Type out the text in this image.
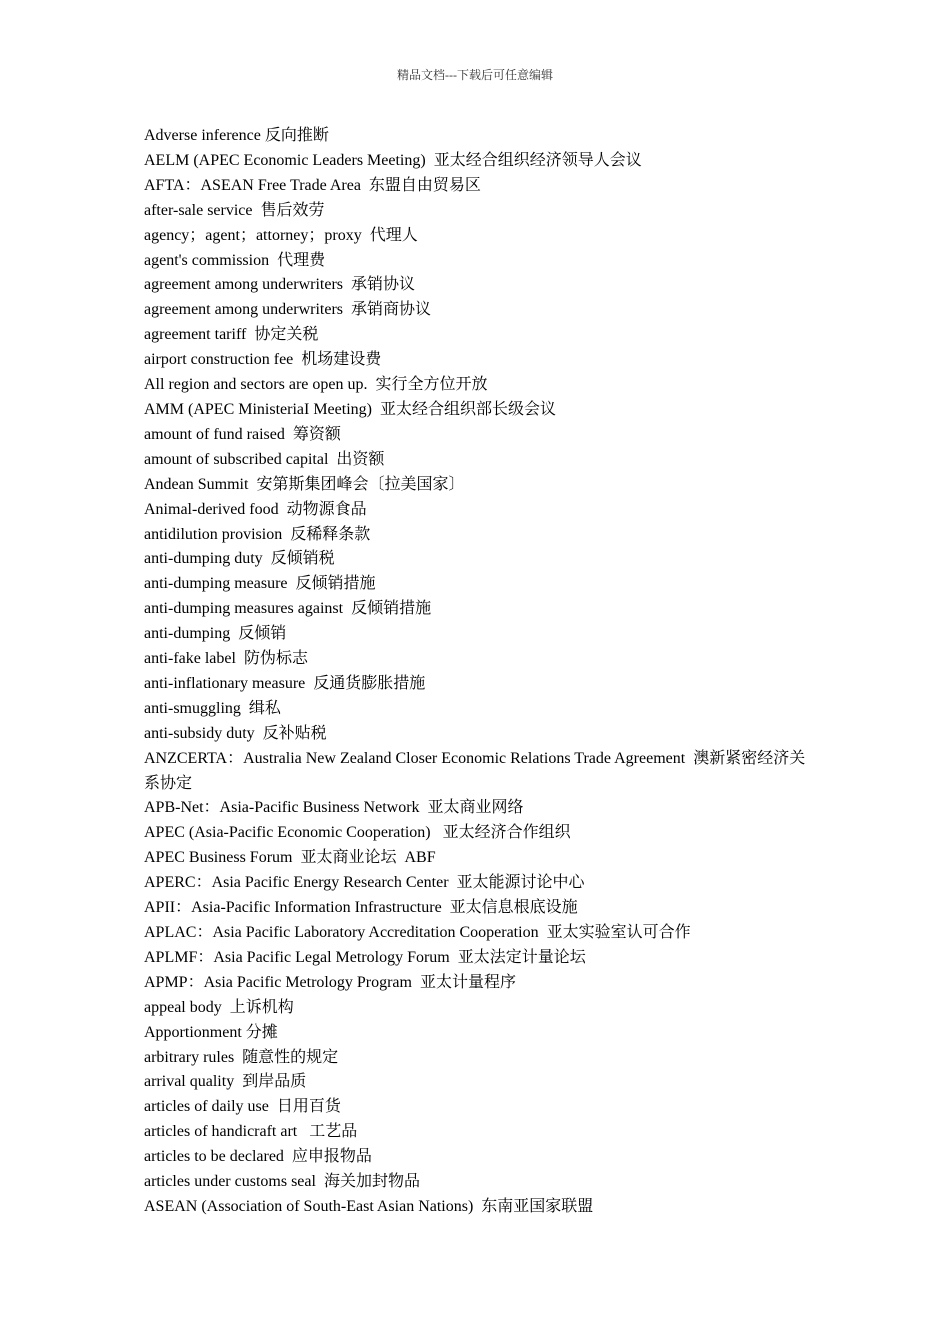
精品文档---下载后可任意编辑
Adverse inference 反向推断
AELM (APEC Economic Leaders Meeting)  亚太经合组织经济领导人会议
AFTA：ASEAN Free Trade Area  东盟自由贸易区
after-sale service  售后效劳
agency；agent；attorney；proxy  代理人
agent's commission  代理费
agreement among underwriters  承销协议
agreement among underwriters  承销商协议
agreement tariff  协定关税
airport construction fee  机场建设费
All region and sectors are open up.  实行全方位开放
AMM (APEC MinisteriaI Meeting)  亚太经合组织部长级会议
amount of fund raised  筹资额
amount of subscribed capital  出资额
Andean Summit  安第斯集团峰会〔拉美国家〕
Animal-derived food  动物源食品
antidilution provision  反稀释条款
anti-dumping duty  反倾销税
anti-dumping measure  反倾销措施
anti-dumping measures against  反倾销措施
anti-dumping  反倾销
anti-fake label  防伪标志
anti-inflationary measure  反通货膨胀措施
anti-smuggling  缉私
anti-subsidy duty  反补贴税
ANZCERTA：Australia New Zealand Closer Economic Relations Trade Agreement  澳新紧密经济关系协定
APB-Net：Asia-Pacific Business Network  亚太商业网络
APEC (Asia-Pacific Economic Cooperation)   亚太经济合作组织
APEC Business Forum  亚太商业论坛  ABF
APERC：Asia Pacific Energy Research Center  亚太能源讨论中心
APII：Asia-Pacific Information Infrastructure  亚太信息根底设施
APLAC：Asia Pacific Laboratory Accreditation Cooperation  亚太实验室认可合作
APLMF：Asia Pacific Legal Metrology Forum  亚太法定计量论坛
APMP：Asia Pacific Metrology Program  亚太计量程序
appeal body  上诉机构
Apportionment 分摊
arbitrary rules  随意性的规定
arrival quality  到岸品质
articles of daily use  日用百货
articles of handicraft art   工艺品
articles to be declared  应申报物品
articles under customs seal  海关加封物品
ASEAN (Association of South-East Asian Nations)  东南亚国家联盟
